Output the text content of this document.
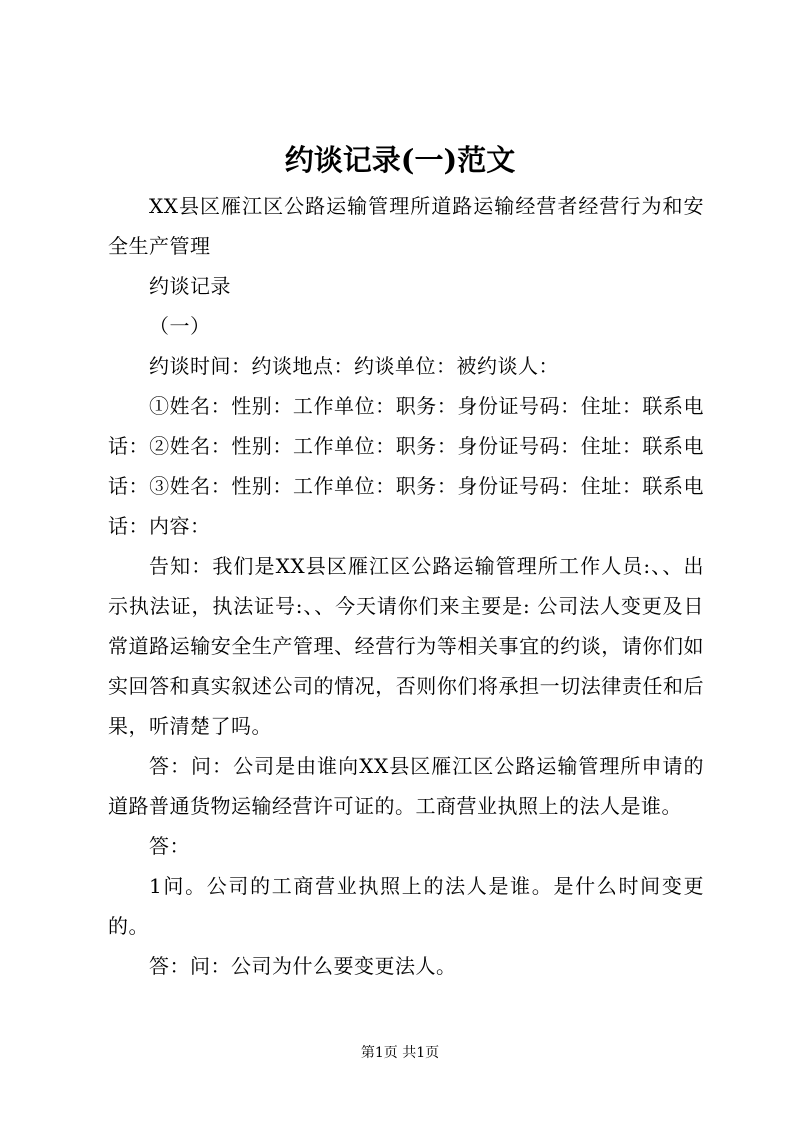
约谈记录(一)范文

XX县区雁江区公路运输管理所道路运输经营者经营行为和安全生产管理

约谈记录

（一）

约谈时间：约谈地点：约谈单位：被约谈人：

①姓名：性别：工作单位：职务：身份证号码：住址：联系电话：②姓名：性别：工作单位：职务：身份证号码：住址：联系电话：③姓名：性别：工作单位：职务：身份证号码：住址：联系电话：内容：

告知：我们是XX县区雁江区公路运输管理所工作人员:、、出示执法证，执法证号:、、今天请你们来主要是: 公司法人变更及日常道路运输安全生产管理、经营行为等相关事宜的约谈，请你们如实回答和真实叙述公司的情况，否则你们将承担一切法律责任和后果，听清楚了吗。

答：问：公司是由谁向XX县区雁江区公路运输管理所申请的道路普通货物运输经营许可证的。工商营业执照上的法人是谁。

答：

1问。公司的工商营业执照上的法人是谁。是什么时间变更的。

答：问：公司为什么要变更法人。

第1页 共1页
